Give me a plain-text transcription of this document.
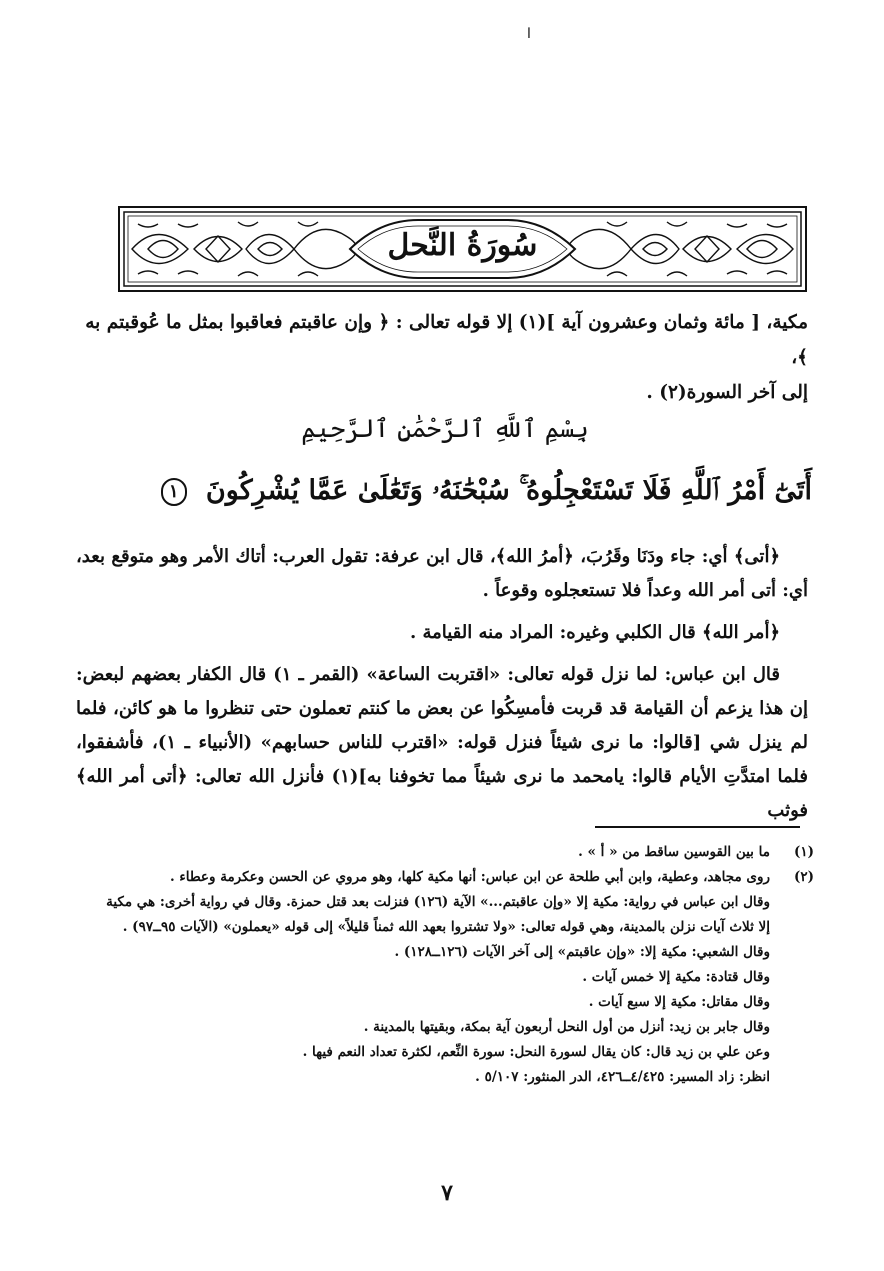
ا
سُورَةُ النَّحل
مكية، [ مائة وثمان وعشرون آية ](١) إلا قوله تعالى : ﴿ وإن عاقبتم فعاقبوا بمثل ما عُوقبتم به ﴾،
إلى آخر السورة(٢) .
بِسْمِ ٱللَّهِ ٱلرَّحْمَٰنِ ٱلرَّحِيمِ
أَتَىٰٓ أَمْرُ ٱللَّهِ فَلَا تَسْتَعْجِلُوهُ ۚ سُبْحَٰنَهُۥ وَتَعَٰلَىٰ عَمَّا يُشْرِكُونَ ١

﴿أتى﴾ أي: جاء ودَنَا وقَرُبَ، ﴿أمرُ الله﴾، قال ابن عرفة: تقول العرب: أتاك الأمر وهو متوقع بعد، أي: أتى أمر الله وعداً فلا تستعجلوه وقوعاً .

﴿أمر الله﴾ قال الكلبي وغيره: المراد منه القيامة .

قال ابن عباس: لما نزل قوله تعالى: «اقتربت الساعة» (القمر ـ ١) قال الكفار بعضهم لبعض: إن هذا يزعم أن القيامة قد قربت فأمسِكُوا عن بعض ما كنتم تعملون حتى تنظروا ما هو كائن، فلما لم ينزل شي [قالوا: ما نرى شيئاً فنزل قوله: «اقترب للناس حسابهم» (الأنبياء ـ ١)، فأشفقوا، فلما امتدَّتِ الأيام قالوا: يامحمد ما نرى شيئاً مما تخوفنا به](١) فأنزل الله تعالى: ﴿أتى أمر الله﴾ فوثب

(١)
ما بين القوسين ساقط من « أ » .
(٢)
روى مجاهد، وعطية، وابن أبي طلحة عن ابن عباس: أنها مكية كلها، وهو مروي عن الحسن وعكرمة وعطاء .
وقال ابن عباس في رواية: مكية إلا «وإن عاقبتم...» الآية (١٢٦) فنزلت بعد قتل حمزة. وقال في رواية أخرى: هي مكية
إلا ثلاث آيات نزلن بالمدينة، وهي قوله تعالى: «ولا تشتروا بعهد الله ثمناً قليلاً» إلى قوله «يعملون» (الآيات ٩٥ــ٩٧) .
وقال الشعبي: مكية إلا: «وإن عاقبتم» إلى آخر الآيات (١٢٦ــ١٢٨) .
وقال قتادة: مكية إلا خمس آيات .
وقال مقاتل: مكية إلا سبع آيات .
وقال جابر بن زيد: أنزل من أول النحل أربعون آية بمكة، وبقيتها بالمدينة .
وعن علي بن زيد قال: كان يقال لسورة النحل: سورة النِّعم، لكثرة تعداد النعم فيها .
انظر: زاد المسير: ٤/٤٢٥ــ٤٢٦، الدر المنثور: ٥/١٠٧ .
٧
